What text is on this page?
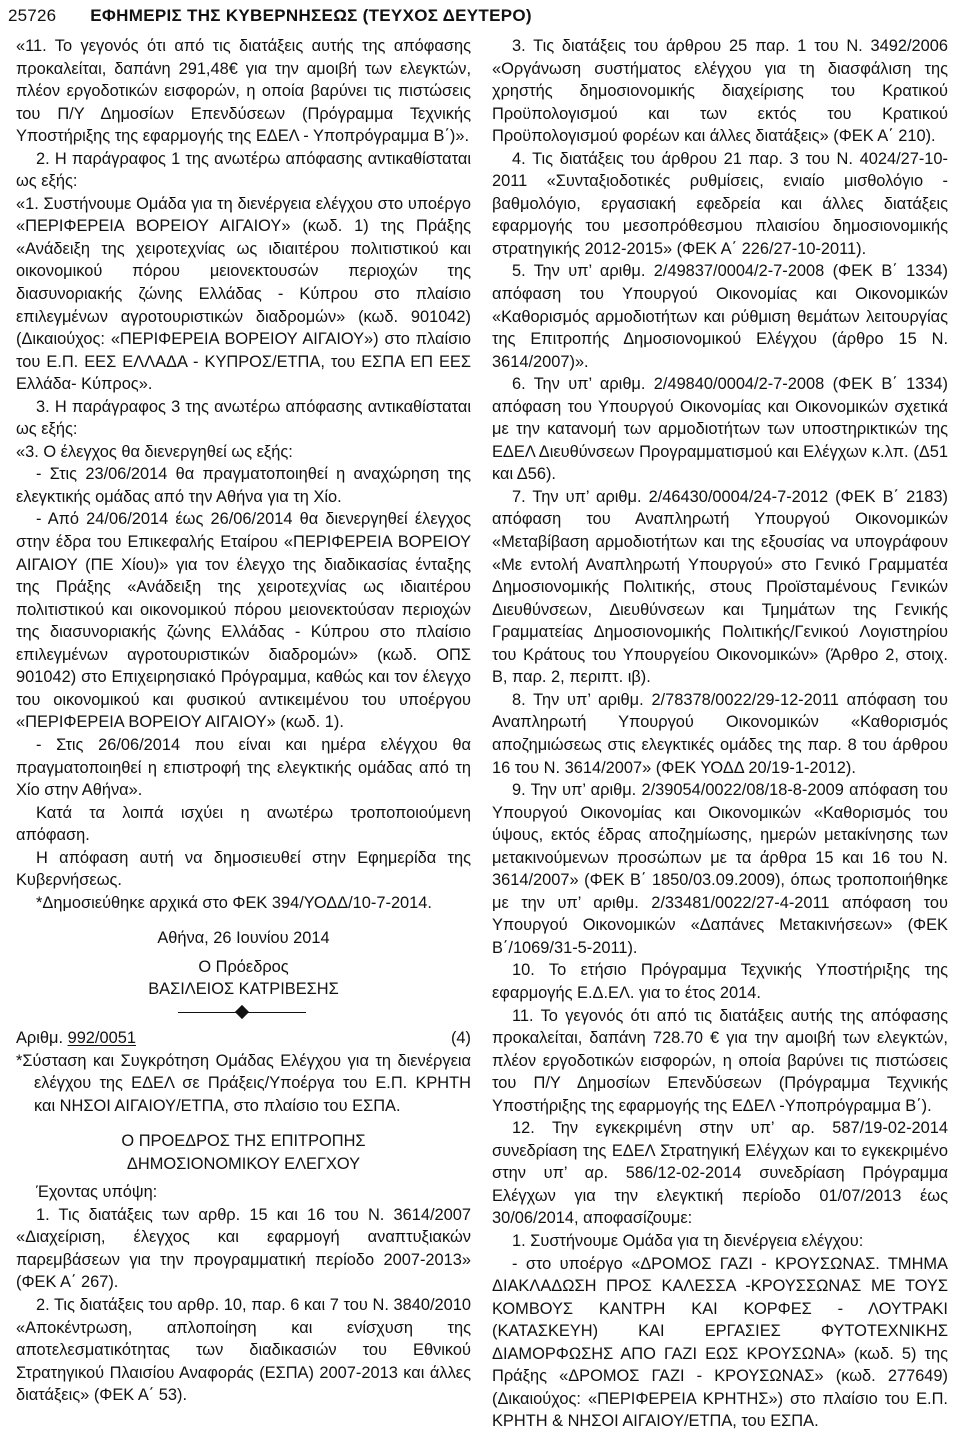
25726 ΕΦΗΜΕΡΙΣ ΤΗΣ ΚΥΒΕΡΝΗΣΕΩΣ (ΤΕΥΧΟΣ ΔΕΥΤΕΡΟ)

«11. Το γεγονός ότι από τις διατάξεις αυτής της απόφασης προκαλείται, δαπάνη 291,48€ για την αμοιβή των ελεγκτών, πλέον εργοδοτικών εισφορών, η οποία βαρύνει τις πιστώσεις του Π/Υ Δημοσίων Επενδύσεων (Πρόγραμμα Τεχνικής Υποστήριξης της εφαρμογής της ΕΔΕΛ - Υποπρόγραμμα Β΄)».

2. Η παράγραφος 1 της ανωτέρω απόφασης αντικαθίσταται ως εξής:

«1. Συστήνουμε Ομάδα για τη διενέργεια ελέγχου στο υποέργο «ΠΕΡΙΦΕΡΕΙΑ ΒΟΡΕΙΟΥ ΑΙΓΑΙΟΥ» (κωδ. 1) της Πράξης «Ανάδειξη της χειροτεχνίας ως ιδιαιτέρου πολιτιστικού και οικονομικού πόρου μειονεκτουσών περιοχών της διασυνοριακής ζώνης Ελλάδας - Κύπρου στο πλαίσιο επιλεγμένων αγροτουριστικών διαδρομών» (κωδ. 901042) (Δικαιούχος: «ΠΕΡΙΦΕΡΕΙΑ ΒΟΡΕΙΟΥ ΑΙΓΑΙΟΥ») στο πλαίσιο του Ε.Π. ΕΕΣ ΕΛΛΑΔΑ - ΚΥΠΡΟΣ/ΕΤΠΑ, του ΕΣΠΑ ΕΠ ΕΕΣ Ελλάδα- Κύπρος».

3. Η παράγραφος 3 της ανωτέρω απόφασης αντικαθίσταται ως εξής:

«3. Ο έλεγχος θα διενεργηθεί ως εξής:

- Στις 23/06/2014 θα πραγματοποιηθεί η αναχώρηση της ελεγκτικής ομάδας από την Αθήνα για τη Χίο.

- Από 24/06/2014 έως 26/06/2014 θα διενεργηθεί έλεγχος στην έδρα του Επικεφαλής Εταίρου «ΠΕΡΙΦΕΡΕΙΑ ΒΟΡΕΙΟΥ ΑΙΓΑΙΟΥ (ΠΕ Χίου)» για τον έλεγχο της διαδικασίας ένταξης της Πράξης «Ανάδειξη της χειροτεχνίας ως ιδιαιτέρου πολιτιστικού και οικονομικού πόρου μειονεκτούσαν περιοχών της διασυνοριακής ζώνης Ελλάδας - Κύπρου στο πλαίσιο επιλεγμένων αγροτουριστικών διαδρομών» (κωδ. ΟΠΣ 901042) στο Επιχειρησιακό Πρόγραμμα, καθώς και τον έλεγχο του οικονομικού και φυσικού αντικειμένου του υποέργου «ΠΕΡΙΦΕΡΕΙΑ ΒΟΡΕΙΟΥ ΑΙΓΑΙΟΥ» (κωδ. 1).

- Στις 26/06/2014 που είναι και ημέρα ελέγχου θα πραγματοποιηθεί η επιστροφή της ελεγκτικής ομάδας από τη Χίο στην Αθήνα».

Κατά τα λοιπά ισχύει η ανωτέρω τροποποιούμενη απόφαση.

Η απόφαση αυτή να δημοσιευθεί στην Εφημερίδα της Κυβερνήσεως.

*Δημοσιεύθηκε αρχικά στο ΦΕΚ 394/ΥΟΔΔ/10-7-2014.

Αθήνα, 26 Ιουνίου 2014

Ο Πρόεδρος

ΒΑΣΙΛΕΙΟΣ ΚΑΤΡΙΒΕΣΗΣ

Αριθμ. 992/0051	(4)

*Σύσταση και Συγκρότηση Ομάδας Ελέγχου για τη διενέργεια ελέγχου της ΕΔΕΛ σε Πράξεις/Υποέργα του Ε.Π. ΚΡΗΤΗ και ΝΗΣΟΙ ΑΙΓΑΙΟΥ/ΕΤΠΑ, στο πλαίσιο του ΕΣΠΑ.

Ο ΠΡΟΕΔΡΟΣ ΤΗΣ ΕΠΙΤΡΟΠΗΣ

ΔΗΜΟΣΙΟΝΟΜΙΚΟΥ ΕΛΕΓΧΟΥ

Έχοντας υπόψη:

1. Τις διατάξεις των αρθρ. 15 και 16 του Ν. 3614/2007 «Διαχείριση, έλεγχος και εφαρμογή αναπτυξιακών παρεμβάσεων για την προγραμματική περίοδο 2007-2013» (ΦΕΚ Α΄ 267).

2. Τις διατάξεις του αρθρ. 10, παρ. 6 και 7 του Ν. 3840/2010 «Αποκέντρωση, απλοποίηση και ενίσχυση της αποτελεσματικότητας των διαδικασιών του Εθνικού Στρατηγικού Πλαισίου Αναφοράς (ΕΣΠΑ) 2007-2013 και άλλες διατάξεις» (ΦΕΚ Α΄ 53).

3. Τις διατάξεις του άρθρου 25 παρ. 1 του Ν. 3492/2006 «Οργάνωση συστήματος ελέγχου για τη διασφάλιση της χρηστής δημοσιονομικής διαχείρισης του Κρατικού Προϋπολογισμού και των εκτός του Κρατικού Προϋπολογισμού φορέων και άλλες διατάξεις» (ΦΕΚ Α΄ 210).

4. Τις διατάξεις του άρθρου 21 παρ. 3 του Ν. 4024/27-10-2011 «Συνταξιοδοτικές ρυθμίσεις, ενιαίο μισθολόγιο - βαθμολόγιο, εργασιακή εφεδρεία και άλλες διατάξεις εφαρμογής του μεσοπρόθεσμου πλαισίου δημοσιονομικής στρατηγικής 2012-2015» (ΦΕΚ Α΄ 226/27-10-2011).

5. Την υπ’ αριθμ. 2/49837/0004/2-7-2008 (ΦΕΚ Β΄ 1334) απόφαση του Υπουργού Οικονομίας και Οικονομικών «Καθορισμός αρμοδιοτήτων και ρύθμιση θεμάτων λειτουργίας της Επιτροπής Δημοσιονομικού Ελέγχου (άρθρο 15 Ν. 3614/2007)».

6. Την υπ’ αριθμ. 2/49840/0004/2-7-2008 (ΦΕΚ Β΄ 1334) απόφαση του Υπουργού Οικονομίας και Οικονομικών σχετικά με την κατανομή των αρμοδιοτήτων των υποστηρικτικών της ΕΔΕΛ Διευθύνσεων Προγραμματισμού και Ελέγχων κ.λπ. (Δ51 και Δ56).

7. Την υπ’ αριθμ. 2/46430/0004/24-7-2012 (ΦΕΚ Β΄ 2183) απόφαση του Αναπληρωτή Υπουργού Οικονομικών «Μεταβίβαση αρμοδιοτήτων και της εξουσίας να υπογράφουν «Με εντολή Αναπληρωτή Υπουργού» στο Γενικό Γραμματέα Δημοσιονομικής Πολιτικής, στους Προϊσταμένους Γενικών Διευθύνσεων, Διευθύνσεων και Τμημάτων της Γενικής Γραμματείας Δημοσιονομικής Πολιτικής/Γενικού Λογιστηρίου του Κράτους του Υπουργείου Οικονομικών» (Άρθρο 2, στοιχ. Β, παρ. 2, περιπτ. ιβ).

8. Την υπ’ αριθμ. 2/78378/0022/29-12-2011 απόφαση του Αναπληρωτή Υπουργού Οικονομικών «Καθορισμός αποζημιώσεως στις ελεγκτικές ομάδες της παρ. 8 του άρθρου 16 του Ν. 3614/2007» (ΦΕΚ ΥΟΔΔ 20/19-1-2012).

9. Την υπ’ αριθμ. 2/39054/0022/08/18-8-2009 απόφαση του Υπουργού Οικονομίας και Οικονομικών «Καθορισμός του ύψους, εκτός έδρας αποζημίωσης, ημερών μετακίνησης των μετακινούμενων προσώπων με τα άρθρα 15 και 16 του Ν. 3614/2007» (ΦΕΚ Β΄ 1850/03.09.2009), όπως τροποποιήθηκε με την υπ’ αριθμ. 2/33481/0022/27-4-2011 απόφαση του Υπουργού Οικονομικών «Δαπάνες Μετακινήσεων» (ΦΕΚ Β΄/1069/31-5-2011).

10. Το ετήσιο Πρόγραμμα Τεχνικής Υποστήριξης της εφαρμογής Ε.Δ.ΕΛ. για το έτος 2014.

11. Το γεγονός ότι από τις διατάξεις αυτής της απόφασης προκαλείται, δαπάνη 728.70 € για την αμοιβή των ελεγκτών, πλέον εργοδοτικών εισφορών, η οποία βαρύνει τις πιστώσεις του Π/Υ Δημοσίων Επενδύσεων (Πρόγραμμα Τεχνικής Υποστήριξης της εφαρμογής της ΕΔΕΛ -Υποπρόγραμμα Β΄).

12. Την εγκεκριμένη στην υπ’ αρ. 587/19-02-2014 συνεδρίαση της ΕΔΕΛ Στρατηγική Ελέγχων και το εγκεκριμένο στην υπ’ αρ. 586/12-02-2014 συνεδρίαση Πρόγραμμα Ελέγχων για την ελεγκτική περίοδο 01/07/2013 έως 30/06/2014, αποφασίζουμε:

1. Συστήνουμε Ομάδα για τη διενέργεια ελέγχου:

- στο υποέργο «ΔΡΟΜΟΣ ΓΑΖΙ - ΚΡΟΥΣΩΝΑΣ. ΤΜΗΜΑ ΔΙΑΚΛΑΔΩΣΗ ΠΡΟΣ ΚΑΛΕΣΣΑ -ΚΡΟΥΣΣΩΝΑΣ ΜΕ ΤΟΥΣ ΚΟΜΒΟΥΣ ΚΑΝΤΡΗ ΚΑΙ ΚΟΡΦΕΣ - ΛΟΥΤΡΑΚΙ (ΚΑΤΑΣΚΕΥΗ) ΚΑΙ ΕΡΓΑΣΙΕΣ ΦΥΤΟΤΕΧΝΙΚΗΣ ΔΙΑΜΟΡΦΩΣΗΣ ΑΠΟ ΓΑΖΙ ΕΩΣ ΚΡΟΥΣΩΝΑ» (κωδ. 5) της Πράξης «ΔΡΟΜΟΣ ΓΑΖΙ - ΚΡΟΥΣΩΝΑΣ» (κωδ. 277649) (Δικαιούχος: «ΠΕΡΙΦΕΡΕΙΑ ΚΡΗΤΗΣ») στο πλαίσιο του Ε.Π. ΚΡΗΤΗ & ΝΗΣΟΙ ΑΙΓΑΙΟΥ/ΕΤΠΑ, του ΕΣΠΑ.
